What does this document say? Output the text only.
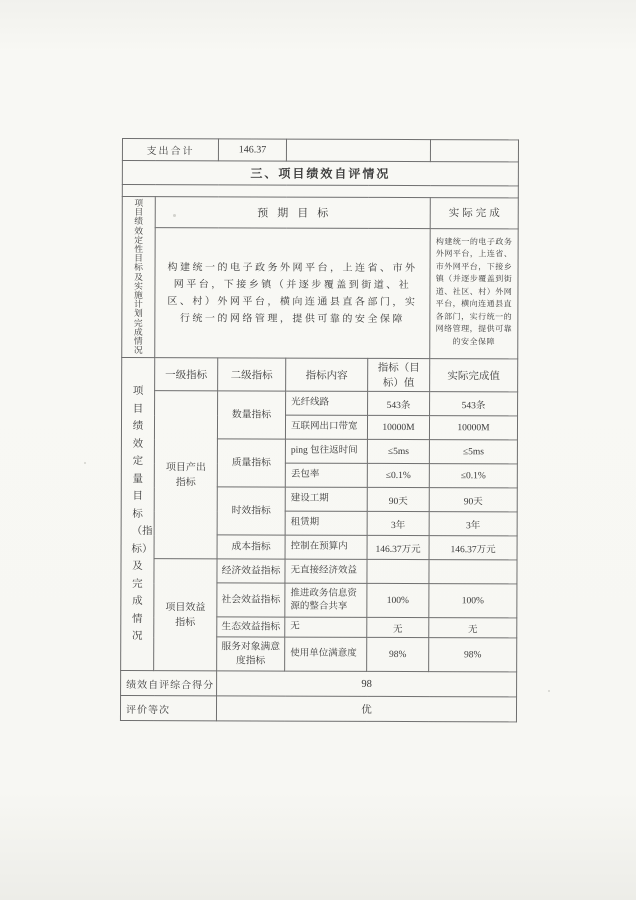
支出合计		146.37			
三、项目绩效自评情况					

项目绩效定性目标及实施计划完成情况	预期目标				实际完成
	构建统一的电子政务外网平台，上连省、市外网平台，下接乡镇（并逐步覆盖到街道、社区、村）外网平台，横向连通县直各部门，实行统一的网络管理，提供可靠的安全保障				构建统一的电子政务外网平台，上连省、市外网平台，下接乡镇（并逐步覆盖到街道、社区、村）外网平台，横向连通县直各部门，实行统一的网络管理，提供可靠的安全保障

项目绩效定量目标（指标）及完成情况	一级指标	二级指标	指标内容	指标（目标）值	实际完成值
	项目产出指标	数量指标	光纤线路	543条	543条
			互联网出口带宽	10000M	10000M
		质量指标	ping 包往返时间	≤5ms	≤5ms
			丢包率	≤0.1%	≤0.1%
		时效指标	建设工期	90天	90天
			租赁期	3年	3年
		成本指标	控制在预算内	146.37万元	146.37万元
	项目效益指标	经济效益指标	无直接经济效益		
		社会效益指标	推进政务信息资源的整合共享	100%	100%
		生态效益指标	无	无	无
		服务对象满意度指标	使用单位满意度	98%	98%
绩效自评综合得分		98			
评价等次		优			
